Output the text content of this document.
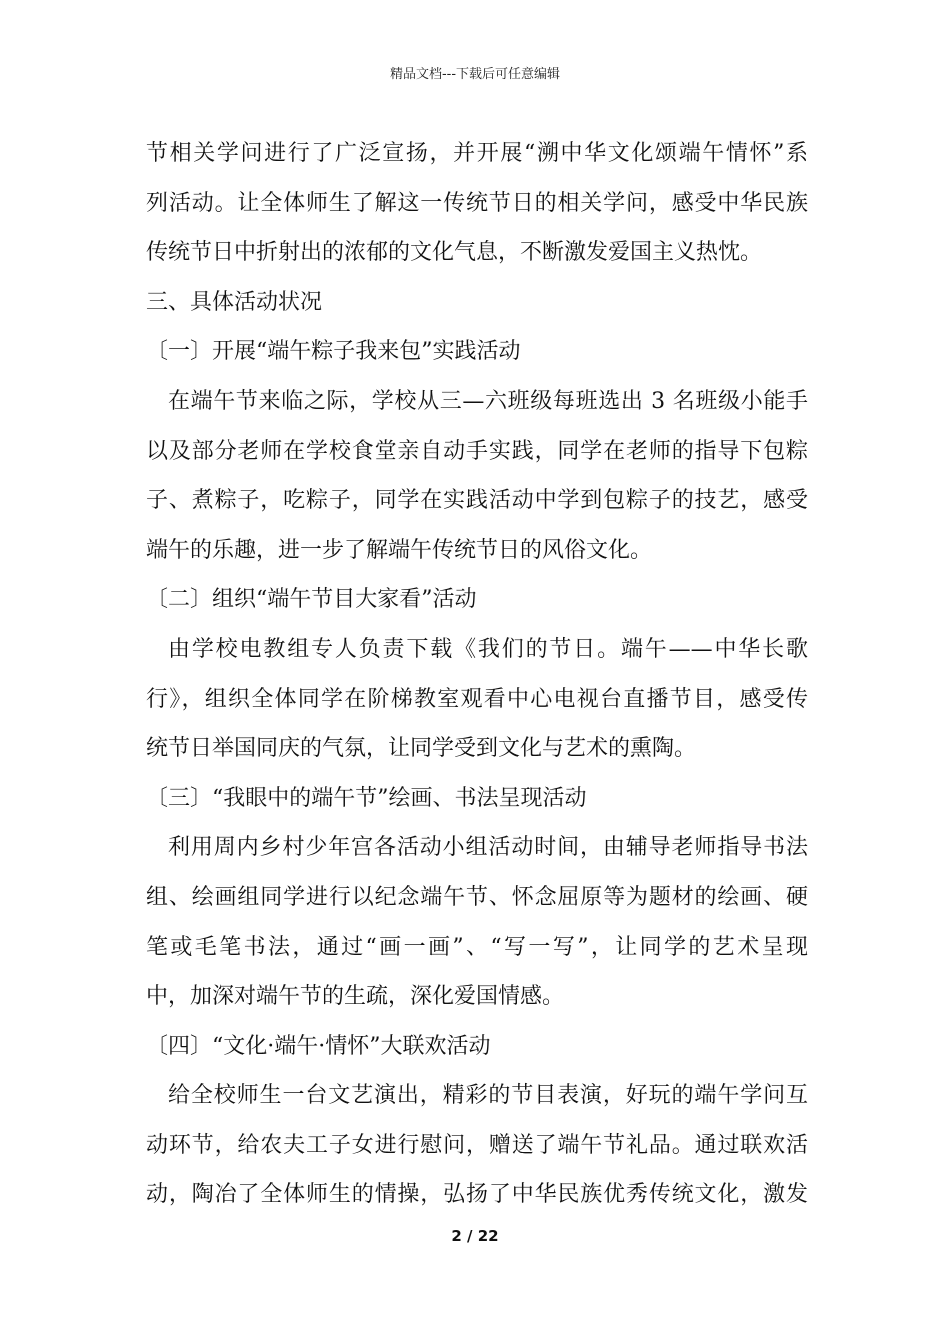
精品文档---下载后可任意编辑

节相关学问进行了广泛宣扬，并开展“溯中华文化颂端午情怀”系
列活动。让全体师生了解这一传统节日的相关学问，感受中华民族
传统节日中折射出的浓郁的文化气息，不断激发爱国主义热忱。

三、具体活动状况

〔一〕开展“端午粽子我来包”实践活动

在端午节来临之际，学校从三—六班级每班选出 3 名班级小能手
以及部分老师在学校食堂亲自动手实践，同学在老师的指导下包粽
子、煮粽子，吃粽子，同学在实践活动中学到包粽子的技艺，感受
端午的乐趣，进一步了解端午传统节日的风俗文化。

〔二〕组织“端午节目大家看”活动

由学校电教组专人负责下载《我们的节日。端午——中华长歌
行》，组织全体同学在阶梯教室观看中心电视台直播节目，感受传
统节日举国同庆的气氛，让同学受到文化与艺术的熏陶。

〔三〕“我眼中的端午节”绘画、书法呈现活动

利用周内乡村少年宫各活动小组活动时间，由辅导老师指导书法
组、绘画组同学进行以纪念端午节、怀念屈原等为题材的绘画、硬
笔或毛笔书法，通过“画一画”、“写一写”，让同学的艺术呈现
中，加深对端午节的生疏，深化爱国情感。

〔四〕“文化·端午·情怀”大联欢活动

给全校师生一台文艺演出，精彩的节目表演，好玩的端午学问互
动环节，给农夫工子女进行慰问，赠送了端午节礼品。通过联欢活
动，陶冶了全体师生的情操，弘扬了中华民族优秀传统文化，激发

2 / 22
